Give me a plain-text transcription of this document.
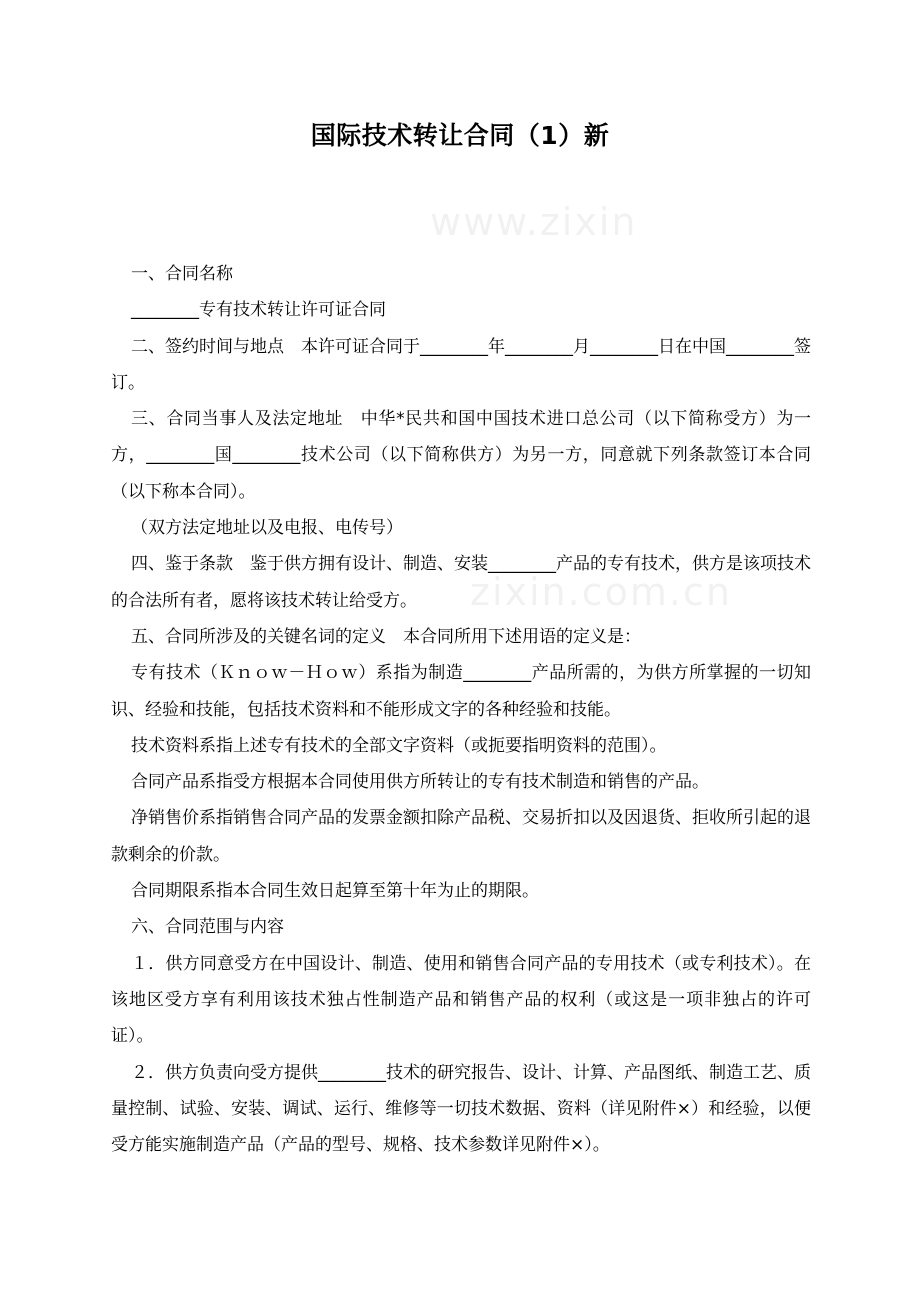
www.zixin
zixin.com.cn
国际技术转让合同（1）新

一、合同名称

________专有技术转让许可证合同

二、签约时间与地点　本许可证合同于________年________月________日在中国________签订。

三、合同当事人及法定地址　中华*民共和国中国技术进口总公司（以下简称受方）为一方，________国________技术公司（以下简称供方）为另一方，同意就下列条款签订本合同（以下称本合同）。

（双方法定地址以及电报、电传号）

四、鉴于条款　鉴于供方拥有设计、制造、安装________产品的专有技术，供方是该项技术的合法所有者，愿将该技术转让给受方。

五、合同所涉及的关键名词的定义　本合同所用下述用语的定义是：

专有技术（Ｋｎｏｗ－Ｈｏｗ）系指为制造________产品所需的，为供方所掌握的一切知识、经验和技能，包括技术资料和不能形成文字的各种经验和技能。

技术资料系指上述专有技术的全部文字资料（或扼要指明资料的范围）。

合同产品系指受方根据本合同使用供方所转让的专有技术制造和销售的产品。

净销售价系指销售合同产品的发票金额扣除产品税、交易折扣以及因退货、拒收所引起的退款剩余的价款。

合同期限系指本合同生效日起算至第十年为止的期限。

六、合同范围与内容

１．供方同意受方在中国设计、制造、使用和销售合同产品的专用技术（或专利技术）。在该地区受方享有利用该技术独占性制造产品和销售产品的权利（或这是一项非独占的许可证）。

２．供方负责向受方提供________技术的研究报告、设计、计算、产品图纸、制造工艺、质量控制、试验、安装、调试、运行、维修等一切技术数据、资料（详见附件×）和经验，以便受方能实施制造产品（产品的型号、规格、技术参数详见附件×）。
